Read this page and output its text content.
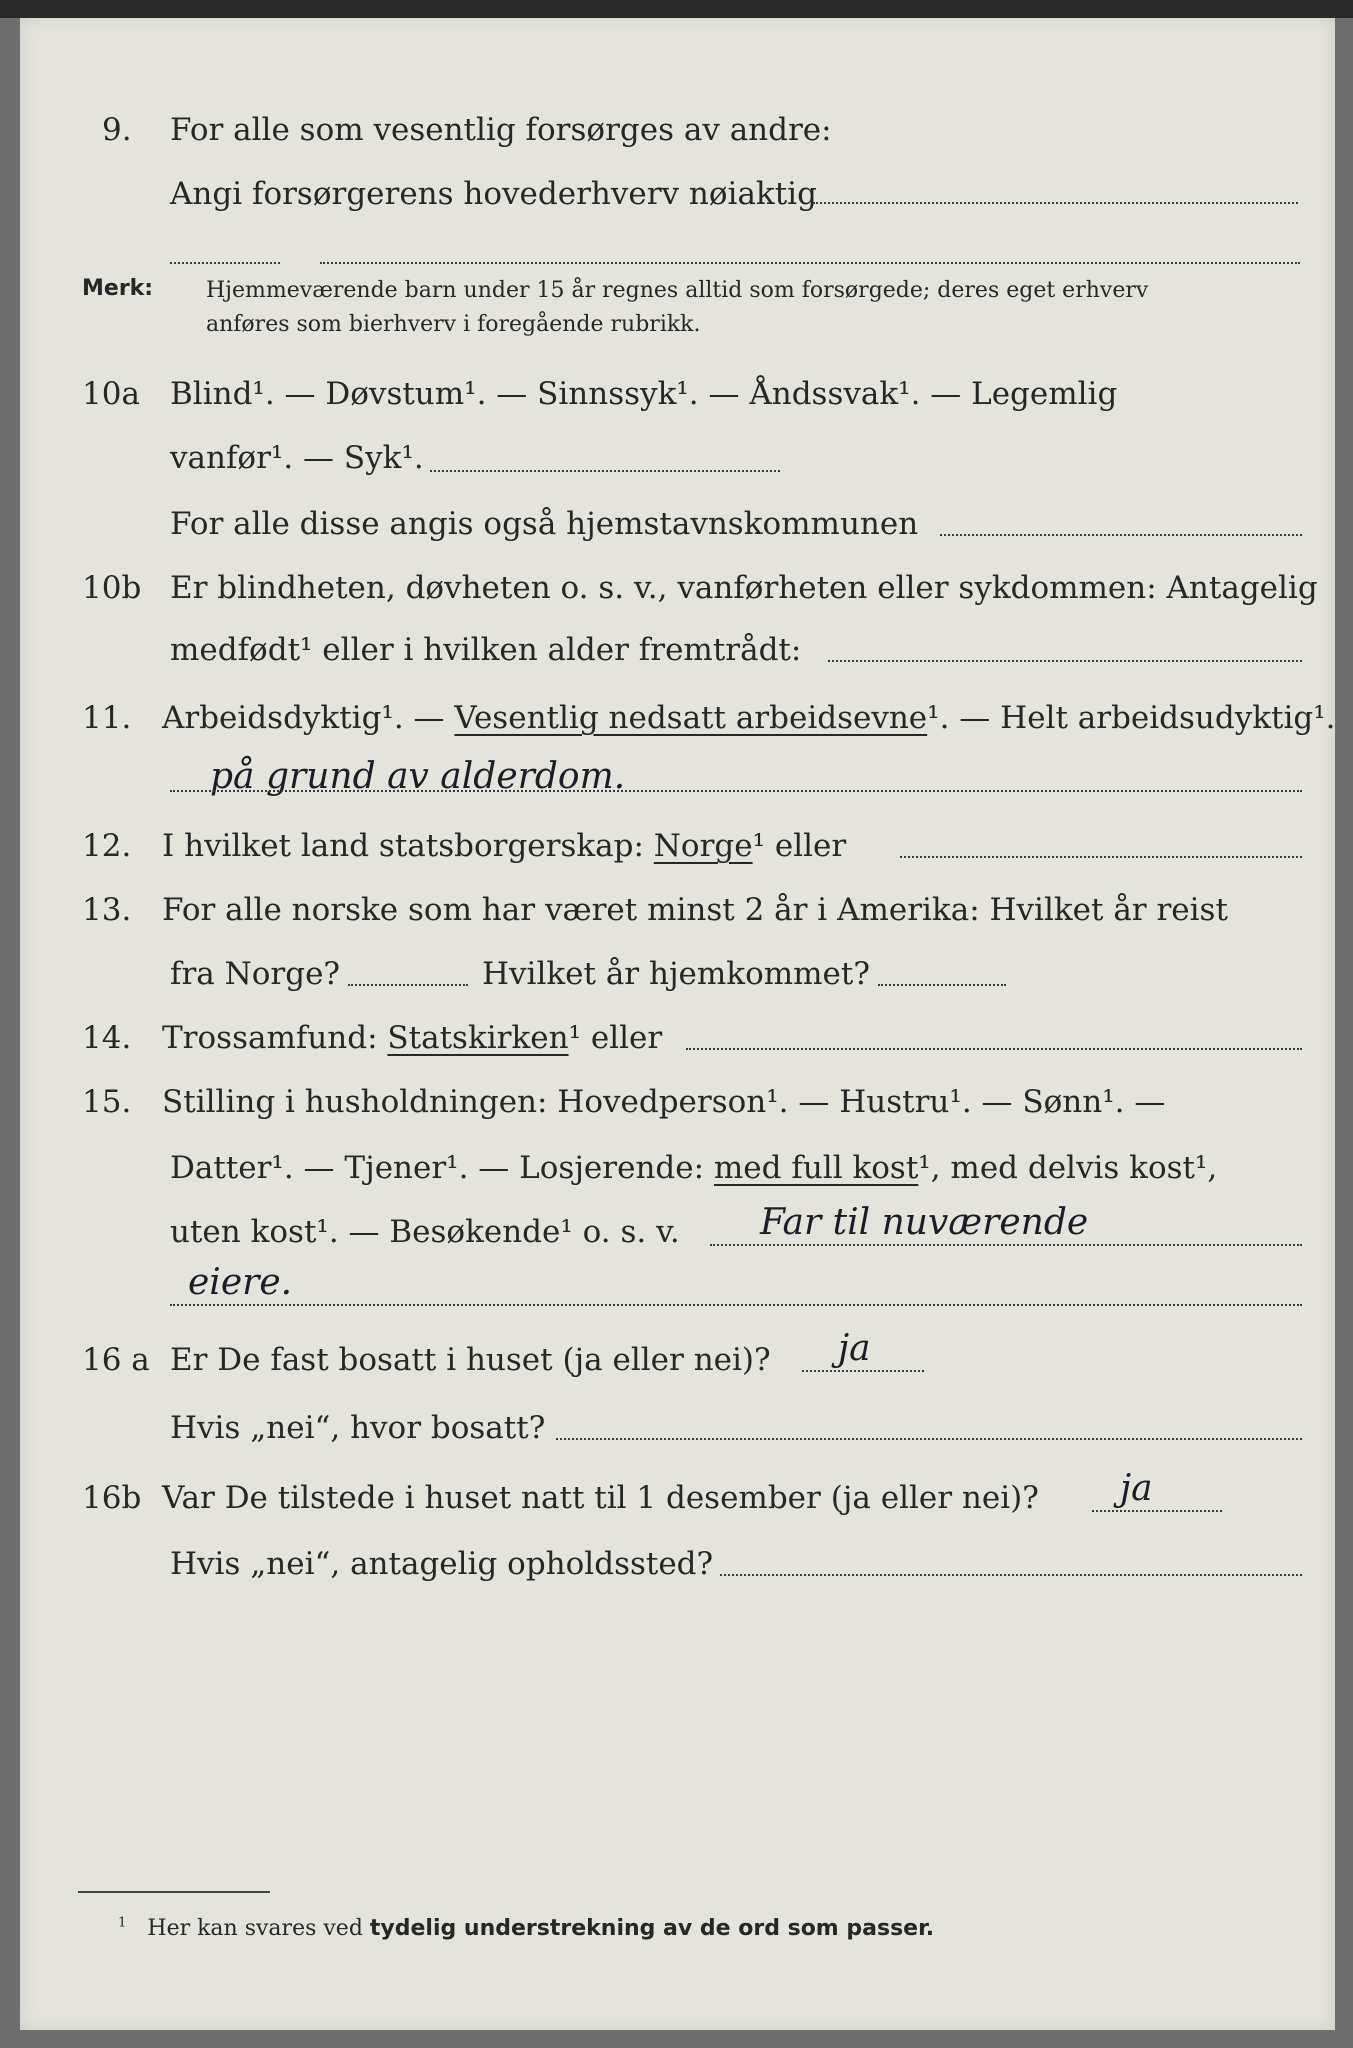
9. For alle som vesentlig forsørges av andre:
Angi forsørgerens hovederhverv nøiaktig
Merk: Hjemmeværende barn under 15 år regnes alltid som forsørgede; deres eget erhverv
anføres som bierhverv i foregående rubrikk.
10a Blind¹. — Døvstum¹. — Sinnssyk¹. — Åndssvak¹. — Legemlig
vanfør¹. — Syk¹.
For alle disse angis også hjemstavnskommunen
10b Er blindheten, døvheten o. s. v., vanførheten eller sykdommen: Antagelig
medfødt¹ eller i hvilken alder fremtrådt:
11. Arbeidsdyktig¹. — Vesentlig nedsatt arbeidsevne¹. — Helt arbeidsudyktig¹.
på grund av alderdom.
12. I hvilket land statsborgerskap: Norge¹ eller
13. For alle norske som har været minst 2 år i Amerika: Hvilket år reist
fra Norge?	Hvilket år hjemkommet?
14. Trossamfund: Statskirken¹ eller
15. Stilling i husholdningen: Hovedperson¹. — Hustru¹. — Sønn¹. —
Datter¹. — Tjener¹. — Losjerende: med full kost¹, med delvis kost¹,
uten kost¹. — Besøkende¹ o. s. v. Far til nuværende
eiere.
16 a Er De fast bosatt i huset (ja eller nei)? ja
Hvis „nei“, hvor bosatt?
16b Var De tilstede i huset natt til 1 desember (ja eller nei)? ja
Hvis „nei“, antagelig opholdssted?
$^1$ Her kan svares ved tydelig understrekning av de ord som passer.
